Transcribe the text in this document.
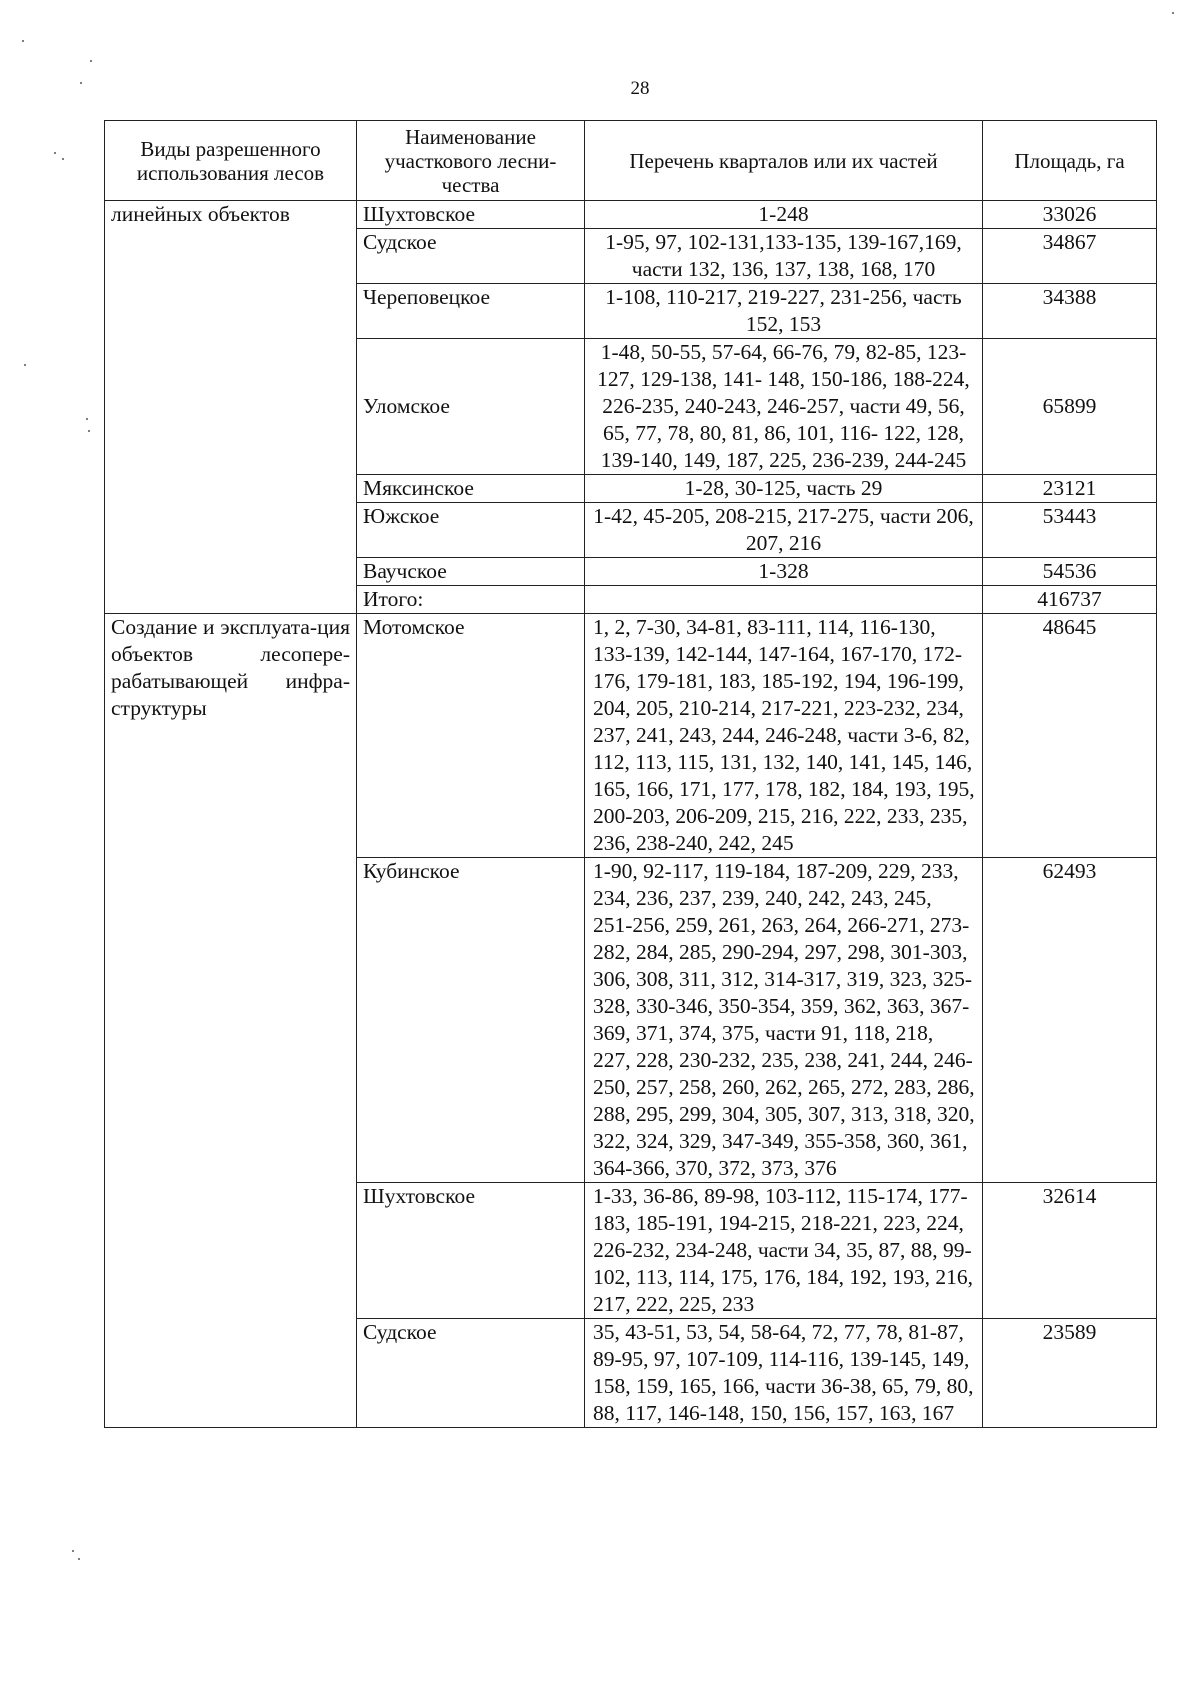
28
Виды разрешенного использования лесов	Наименование участкового лесни-чества	Перечень кварталов или их частей	Площадь, га
линейных объектов	Шухтовское	1-248	33026
	Судское	1-95, 97, 102-131,133-135, 139-167,169, части 132, 136, 137, 138, 168, 170	34867
	Череповецкое	1-108, 110-217, 219-227, 231-256, часть 152, 153	34388
	Уломское	1-48, 50-55, 57-64, 66-76, 79, 82-85, 123- 127, 129-138, 141- 148, 150-186, 188-224, 226-235, 240-243, 246-257, части 49, 56, 65, 77, 78, 80, 81, 86, 101, 116- 122, 128, 139-140, 149, 187, 225, 236-239, 244-245	65899
	Мяксинское	1-28, 30-125, часть 29	23121
	Южское	1-42, 45-205, 208-215, 217-275, части 206, 207, 216	53443
	Ваучское	1-328	54536
	Итого:		416737
Создание и эксплуата-ция объектов лесопере-рабатывающей инфра-структуры	Мотомское	1, 2, 7-30, 34-81, 83-111, 114, 116-130, 133-139, 142-144, 147-164, 167-170, 172-176, 179-181, 183, 185-192, 194, 196-199, 204, 205, 210-214, 217-221, 223-232, 234, 237, 241, 243, 244, 246-248, части 3-6, 82, 112, 113, 115, 131, 132, 140, 141, 145, 146, 165, 166, 171, 177, 178, 182, 184, 193, 195, 200-203, 206-209, 215, 216, 222, 233, 235, 236, 238-240, 242, 245	48645
	Кубинское	1-90, 92-117, 119-184, 187-209, 229, 233, 234, 236, 237, 239, 240, 242, 243, 245, 251-256, 259, 261, 263, 264, 266-271, 273-282, 284, 285, 290-294, 297, 298, 301-303, 306, 308, 311, 312, 314-317, 319, 323, 325-328, 330-346, 350-354, 359, 362, 363, 367-369, 371, 374, 375, части 91, 118, 218, 227, 228, 230-232, 235, 238, 241, 244, 246-250, 257, 258, 260, 262, 265, 272, 283, 286, 288, 295, 299, 304, 305, 307, 313, 318, 320, 322, 324, 329, 347-349, 355-358, 360, 361, 364-366, 370, 372, 373, 376	62493
	Шухтовское	1-33, 36-86, 89-98, 103-112, 115-174, 177-183, 185-191, 194-215, 218-221, 223, 224, 226-232, 234-248, части 34, 35, 87, 88, 99-102, 113, 114, 175, 176, 184, 192, 193, 216, 217, 222, 225, 233	32614
	Судское	35, 43-51, 53, 54, 58-64, 72, 77, 78, 81-87, 89-95, 97, 107-109, 114-116, 139-145, 149, 158, 159, 165, 166, части 36-38, 65, 79, 80, 88, 117, 146-148, 150, 156, 157, 163, 167	23589
